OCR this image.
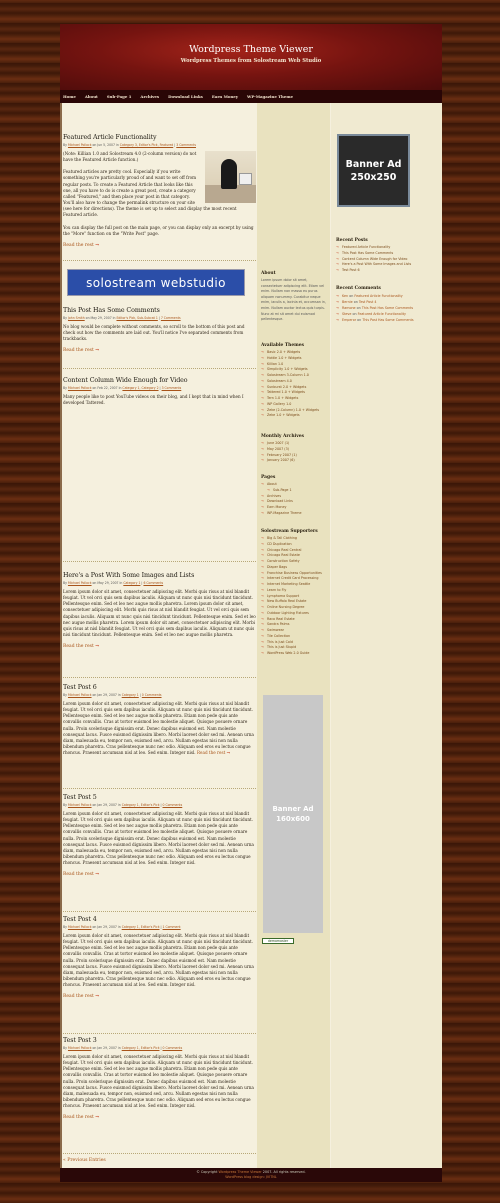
Wordpress Theme Viewer
Wordpress Themes from Solostream Web Studio
Home About Sub-Page 1 Archives Download Links Earn Money WP-Magazine Theme
Featured Article Functionality
By Michael Pollock on Jun 5, 2007 in Category 3, Editor's Pick, Featured | 3 Comments

(Note: Killian 1.0 and Solostream 4.0 (2-column version) do not have the Featured Article function.)

Featured articles are pretty cool. Especially if you write something you're particularly proud of and want to set off from regular posts. To create a Featured Article that looks like this one, all you have to do is create a great post, create a category called "Featured," and then place your post in that category. You'll also have to change the permalink structure on your site (see here for directions). The theme is set up to select and display the most recent Featured article.

You can display the full post on the main page, or you can display only an excerpt by using the "More" function on the "Write Post" page.

Read the rest →
This Post Has Some Comments
By John Smith on May 29, 2007 in Editor's Pick, Sub-Subcat 1 | 7 Comments

No blog would be complete without comments, so scroll to the bottom of this post and check out how the comments are laid out. You'll notice I've separated comments from trackbacks.

Read the rest →
Content Column Wide Enough for Video
By Michael Pollock on Feb 22, 2007 in Category 1, Category 2 | 3 Comments

Many people like to post YouTube videos on their blog, and I kept that in mind when I developed Tattered.

Here's a Post With Some Images and Lists
By Michael Pollock on May 29, 2007 in Category 1 | 6 Comments

Lorem ipsum dolor sit amet, consectetuer adipiscing elit. Morbi quis risus at nisl blandit feugiat. Ut vel orci quis sem dapibus iaculis. Aliquam ut nunc quis nisi tincidunt tincidunt. Pellentesque enim. Sed et leo nec augue mollis pharetra. Lorem ipsum dolor sit amet, consectetuer adipiscing elit. Morbi quis risus at nisl blandit feugiat. Ut vel orci quis sem dapibus iaculis. Aliquam ut nunc quis nisi tincidunt tincidunt. Pellentesque enim. Sed et leo nec augue mollis pharetra. Lorem ipsum dolor sit amet, consectetuer adipiscing elit. Morbi quis risus at nisl blandit feugiat. Ut vel orci quis sem dapibus iaculis. Aliquam ut nunc quis nisi tincidunt tincidunt. Pellentesque enim. Sed et leo nec augue mollis pharetra.

Read the rest →
Test Post 6
By Michael Pollock on Jan 29, 2007 in Category 1 | 0 Comments

Lorem ipsum dolor sit amet, consectetuer adipiscing elit. Morbi quis risus at nisl blandit feugiat. Ut vel orci quis sem dapibus iaculis. Aliquam ut nunc quis nisi tincidunt tincidunt. Pellentesque enim. Sed et leo nec augue mollis pharetra. Etiam non pede quis ante convallis convallis. Cras at tortor euismod leo molestie aliquet. Quisque posuere ornare nulla. Proin scelerisque dignissim erat. Donec dapibus euismod est. Nam molestie consequat lacus. Fusce euismod dignissim libero. Morbi laoreet dolor sed mi. Aenean urna diam, malesuada eu, tempor non, euismod sed, arcu. Nullam egestas nisi non nulla bibendum pharetra. Cras pellentesque nunc nec odio. Aliquam sed eros eu lectus congue rhoncus. Praesent accumsan nisl at leo. Sed enim. Integer nisl. Read the rest →

Test Post 5
By Michael Pollock on Jan 29, 2007 in Category 1, Editor's Pick | 0 Comments

Lorem ipsum dolor sit amet, consectetuer adipiscing elit. Morbi quis risus at nisl blandit feugiat. Ut vel orci quis sem dapibus iaculis. Aliquam ut nunc quis nisi tincidunt tincidunt. Pellentesque enim. Sed et leo nec augue mollis pharetra. Etiam non pede quis ante convallis convallis. Cras at tortor euismod leo molestie aliquet. Quisque posuere ornare nulla. Proin scelerisque dignissim erat. Donec dapibus euismod est. Nam molestie consequat lacus. Fusce euismod dignissim libero. Morbi laoreet dolor sed mi. Aenean urna diam, malesuada eu, tempor non, euismod sed, arcu. Nullam egestas nisi non nulla bibendum pharetra. Cras pellentesque nunc nec odio. Aliquam sed eros eu lectus congue rhoncus. Praesent accumsan nisl at leo. Sed enim. Integer nisl.

Read the rest →
Test Post 4
By Michael Pollock on Jan 29, 2007 in Category 1, Editor's Pick | 1 Comment

Lorem ipsum dolor sit amet, consectetuer adipiscing elit. Morbi quis risus at nisl blandit feugiat. Ut vel orci quis sem dapibus iaculis. Aliquam ut nunc quis nisi tincidunt tincidunt. Pellentesque enim. Sed et leo nec augue mollis pharetra. Etiam non pede quis ante convallis convallis. Cras at tortor euismod leo molestie aliquet. Quisque posuere ornare nulla. Proin scelerisque dignissim erat. Donec dapibus euismod est. Nam molestie consequat lacus. Fusce euismod dignissim libero. Morbi laoreet dolor sed mi. Aenean urna diam, malesuada eu, tempor non, euismod sed, arcu. Nullam egestas nisi non nulla bibendum pharetra. Cras pellentesque nunc nec odio. Aliquam sed eros eu lectus congue rhoncus. Praesent accumsan nisl at leo. Sed enim. Integer nisl.

Read the rest →
Test Post 3
By Michael Pollock on Jan 29, 2007 in Category 1, Editor's Pick | 0 Comments

Lorem ipsum dolor sit amet, consectetuer adipiscing elit. Morbi quis risus at nisl blandit feugiat. Ut vel orci quis sem dapibus iaculis. Aliquam ut nunc quis nisi tincidunt tincidunt. Pellentesque enim. Sed et leo nec augue mollis pharetra. Etiam non pede quis ante convallis convallis. Cras at tortor euismod leo molestie aliquet. Quisque posuere ornare nulla. Proin scelerisque dignissim erat. Donec dapibus euismod est. Nam molestie consequat lacus. Fusce euismod dignissim libero. Morbi laoreet dolor sed mi. Aenean urna diam, malesuada eu, tempor non, euismod sed, arcu. Nullam egestas nisi non nulla bibendum pharetra. Cras pellentesque nunc nec odio. Aliquam sed eros eu lectus congue rhoncus. Praesent accumsan nisl at leo. Sed enim. Integer nisl.

Read the rest →
solostream webstudio
« Previous Entries
About
Lorem ipsum dolor sit amet, consectetuer adipiscing elit. Etiam vel enim. Nullam non massa eu purus aliquam nonummy. Curabitur neque enim, iaculis a, lacinia et, accumsan in, enim. Nullam auctor lectus quis turpis. Nunc at mi sit amet dui euismod pellentesque.
Available Themes
→ Basic 2.0 + Widgets
→ Hottie 1.0 + Widgets
→ Killian 1.0
→ Simplicity 1.0 + Widgets
→ Solostream 3-Column 1.0
→ Solostream 4.0
→ Sunburst 2.0 + Widgets
→ Tattered 1.0 + Widgets
→ Tern 1.0 + Widgets
→ WP Gallery 1.0
→ Zeke (2-Column) 1.0 + Widgets
→ Zeke 1.0 + Widgets
Monthly Archives
→ June 2007 (1)
→ May 2007 (3)
→ February 2007 (1)
→ January 2007 (6)
Pages
→ About
→ Sub-Page 1
→ Archives
→ Download Links
→ Earn Money
→ WP-Magazine Theme
Solostream Supporters
→ Big & Tall Clothing
→ CD Duplication
→ Chicago Real Central
→ Chicago Real Estate
→ Construction Safety
→ Diaper Bags
→ Franchise Business Opportunities
→ Internet Credit Card Processing
→ Internet Marketing Seattle
→ Learn to Fly
→ Lymphoma Support
→ New Buffalo Real Estate
→ Online Nursing Degree
→ Outdoor Lighting Fixtures
→ Raco Real Estate
→ Sandra Palms
→ Swimwear
→ Tile Collection
→ This is Just Cold
→ This is Just Stupid
→ WordPress Web 2.0 Guide
Banner Ad
160x600
demomaster
Banner Ad
250x250
Recent Posts
→ Featured Article Functionality
→ This Post Has Some Comments
→ Content Column Wide Enough for Video
→ Here's a Post With Some Images and Lists
→ Test Post 6
Recent Comments
→ Ken on Featured Article Functionality
→ Bernie on Test Post 4
→ Ramone on This Post Has Some Comments
→ Steve on Featured Article Functionality
→ Emperor on This Post Has Some Comments
© Copyright Wordpress Theme Viewer 2007. All rights reserved.
WordPress blog design: JVITNL
